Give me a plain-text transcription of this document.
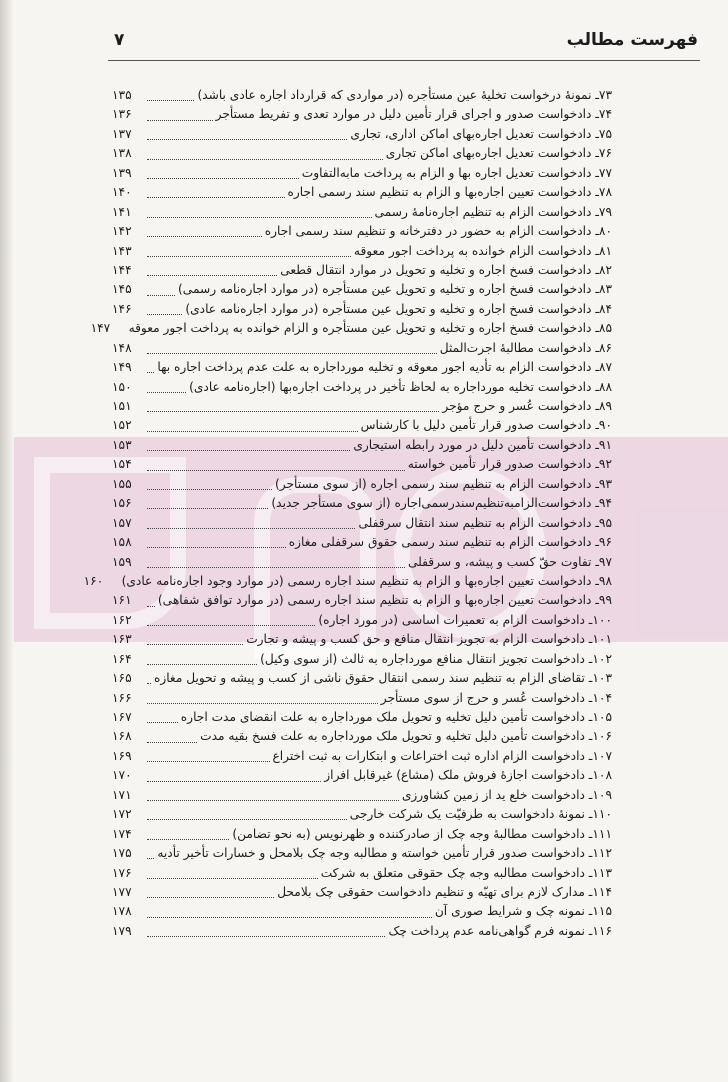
فهرست مطالب
۷
۷۳ـ نمونهٔ درخواست تخلیهٔ عین مستأجره (در مواردی که قرارداد اجاره عادی باشد)
۱۳۵
۷۴ـ دادخواست صدور و اجرای قرار تأمین دلیل در موارد تعدی و تفریط مستأجر
۱۳۶
۷۵ـ دادخواست تعدیل اجاره‌بهای اماکن اداری، تجاری
۱۳۷
۷۶ـ دادخواست تعدیل اجاره‌بهای اماکن تجاری
۱۳۸
۷۷ـ دادخواست تعدیل اجاره بها و الزام به پرداخت مابه‌التفاوت
۱۳۹
۷۸ـ دادخواست تعیین اجاره‌بها و الزام به تنظیم سند رسمی اجاره
۱۴۰
۷۹ـ دادخواست الزام به تنظیم اجاره‌نامهٔ رسمی
۱۴۱
۸۰ـ دادخواست الزام به حضور در دفترخانه و تنظیم سند رسمی اجاره
۱۴۲
۸۱ـ دادخواست الزام خوانده به پرداخت اجور معوقه
۱۴۳
۸۲ـ دادخواست فسخ اجاره و تخلیه و تحویل در موارد انتقال قطعی
۱۴۴
۸۳ـ دادخواست فسخ اجاره و تخلیه و تحویل عین مستأجره (در موارد اجاره‌نامه رسمی)
۱۴۵
۸۴ـ دادخواست فسخ اجاره و تخلیه و تحویل عین مستأجره (در موارد اجاره‌نامه عادی)
۱۴۶
۸۵ـ دادخواست فسخ اجاره و تخلیه و تحویل عین مستأجره و الزام خوانده به پرداخت اجور معوقه
۱۴۷
۸۶ـ دادخواست مطالبهٔ اجرت‌المثل
۱۴۸
۸۷ـ دادخواست الزام به تأدیه اجور معوقه و تخلیه مورداجاره به علت عدم پرداخت اجاره بها
۱۴۹
۸۸ـ دادخواست تخلیه مورداجاره به لحاظ تأخیر در پرداخت اجاره‌بها (اجاره‌نامه عادی)
۱۵۰
۸۹ـ دادخواست عُسر و حرج مؤجر
۱۵۱
۹۰ـ دادخواست صدور قرار تأمین دلیل با کارشناس
۱۵۲
۹۱ـ دادخواست تأمین دلیل در مورد رابطه استیجاری
۱۵۳
۹۲ـ دادخواست صدور قرار تأمین خواسته
۱۵۴
۹۳ـ دادخواست الزام به تنظیم سند رسمی اجاره (از سوی مستأجر)
۱۵۵
۹۴ـ دادخواست‌الزامبه‌تنظیم‌سندرسمی‌اجاره (از سوی مستأجر جدید)
۱۵۶
۹۵ـ دادخواست الزام به تنظیم سند انتقال سرقفلی
۱۵۷
۹۶ـ دادخواست الزام به تنظیم سند رسمی حقوق سرقفلی مغازه
۱۵۸
۹۷ـ تفاوت حقّ کسب و پیشه، و سرقفلی
۱۵۹
۹۸ـ دادخواست تعیین اجاره‌بها و الزام به تنظیم سند اجاره رسمی (در موارد وجود اجاره‌نامه عادی)
۱۶۰
۹۹ـ دادخواست تعیین اجاره‌بها و الزام به تنظیم سند اجاره رسمی (در موارد توافق شفاهی)
۱۶۱
۱۰۰ـ دادخواست الزام به تعمیرات اساسی (در مورد اجاره)
۱۶۲
۱۰۱ـ دادخواست الزام به تجویز انتقال منافع و حق کسب و پیشه و تجارت
۱۶۳
۱۰۲ـ دادخواست تجویز انتقال منافع مورداجاره به ثالث (از سوی وکیل)
۱۶۴
۱۰۳ـ تقاضای الزام به تنظیم سند رسمی انتقال حقوق ناشی از کسب و پیشه و تحویل مغازه
۱۶۵
۱۰۴ـ دادخواست عُسر و حرج از سوی مستأجر
۱۶۶
۱۰۵ـ دادخواست تأمین دلیل تخلیه و تحویل ملک مورداجاره به علت انقضای مدت اجاره
۱۶۷
۱۰۶ـ دادخواست تأمین دلیل تخلیه و تحویل ملک مورداجاره به علت فسخ بقیه مدت
۱۶۸
۱۰۷ـ دادخواست الزام اداره ثبت اختراعات و ابتکارات به ثبت اختراع
۱۶۹
۱۰۸ـ دادخواست اجازهٔ فروش ملک (مشاع) غیرقابل افراز
۱۷۰
۱۰۹ـ دادخواست خلع ید از زمین کشاورزی
۱۷۱
۱۱۰ـ نمونهٔ دادخواست به طرفیّت یک شرکت خارجی
۱۷۲
۱۱۱ـ دادخواست مطالبهٔ وجه چک از صادرکننده و ظهرنویس (به نحو تضامن)
۱۷۴
۱۱۲ـ دادخواست صدور قرار تأمین خواسته و مطالبه وجه چک بلامحل و خسارات تأخیر تأدیه
۱۷۵
۱۱۳ـ دادخواست مطالبه وجه چک حقوقی متعلق به شرکت
۱۷۶
۱۱۴ـ مدارک لازم برای تهیّه و تنظیم دادخواست حقوقی چک بلامحل
۱۷۷
۱۱۵ـ نمونه چک و شرایط صوری آن
۱۷۸
۱۱۶ـ نمونه فرم گواهی‌نامه عدم پرداخت چک
۱۷۹
